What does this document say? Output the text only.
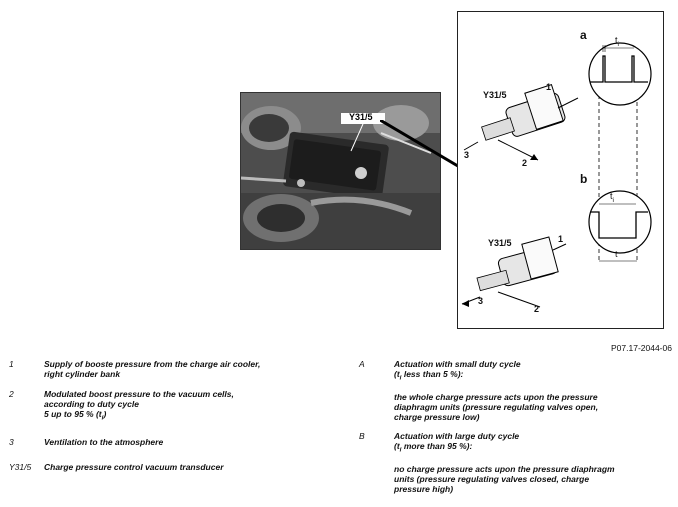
Y31/5
a
b
$t_i$
$t_i$
t
Y31/5
Y31/5
1
2
3
1
2
3
P07.17-2044-06
1	Supply of booste pressure from the charge air cooler,
right cylinder bank
2	Modulated boost pressure to the vacuum cells,
according to duty cycle
5 up to 95 % $(t_i)$
3	Ventilation to the atmosphere
Y31/5 Charge pressure control vacuum transducer
A	Actuation with small duty cycle
($t_i$ less than 5 %):
the whole charge pressure acts upon the pressure
diaphragm units (pressure regulating valves open,
charge pressure low)
B	Actuation with large duty cycle
($t_i$ more than 95 %):
no charge pressure acts upon the pressure diaphragm
units (pressure regulating valves closed, charge
pressure high)
